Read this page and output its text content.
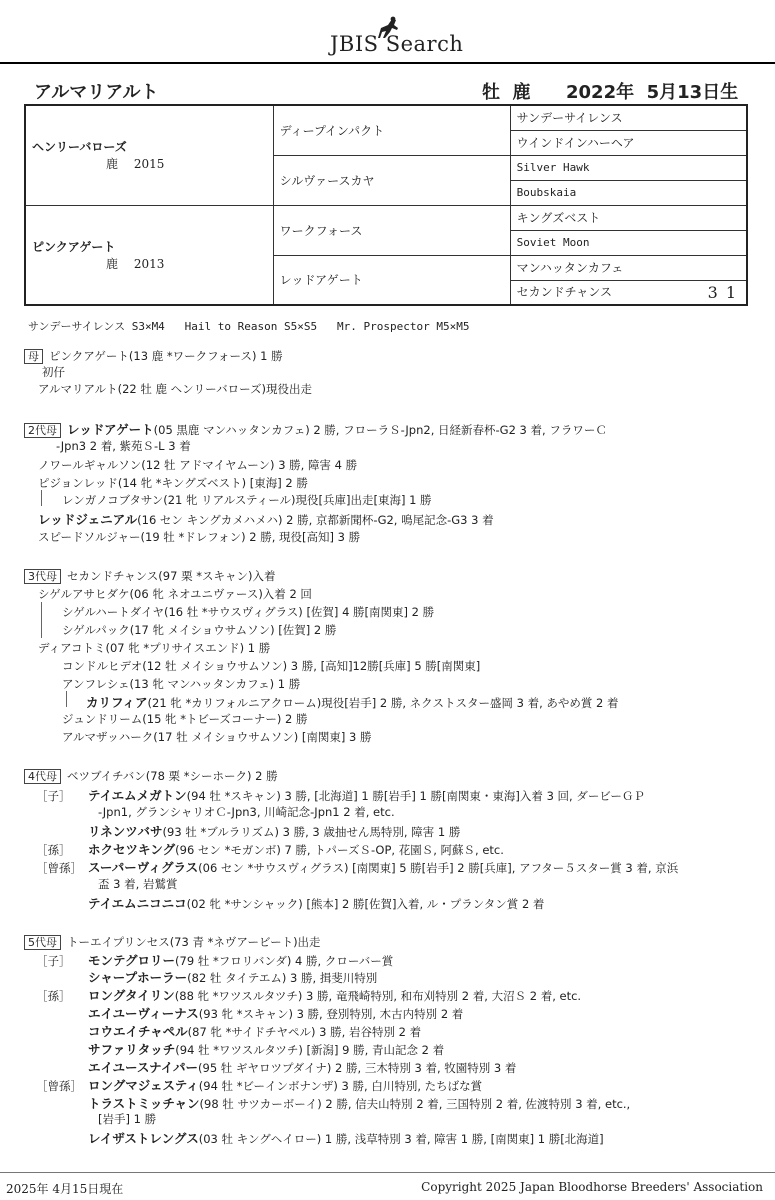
JBIS Search
アルマリアルト	牡  鹿 2022年  5月13日生
ヘンリーバローズ
鹿　 2015	ディープインパクト	サンデーサイレンス
		ウインドインハーヘア
	シルヴァースカヤ	Silver Hawk
		Boubskaia
ピンクアゲート
鹿　 2013	ワークフォース	キングズベスト
		Soviet Moon
	レッドアゲート	マンハッタンカフェ
		セカンドチャンス 31
サンデーサイレンス S3×M4   Hail to Reason S5×S5   Mr. Prospector M5×M5
母 ピンクアゲート(13 鹿 *ワークフォース) 1 勝
初仔
アルマリアルト(22 牡 鹿 ヘンリーバローズ)現役出走
2代母 レッドアゲート(05 黒鹿 マンハッタンカフェ) 2 勝, フローラＳ-Jpn2, 日経新春杯-G2 3 着, フラワーＣ
-Jpn3 2 着, 紫苑Ｓ-L 3 着
ノワールギャルソン(12 牡 アドマイヤムーン) 3 勝, 障害 4 勝
ピジョンレッド(14 牝 *キングズベスト) [東海] 2 勝
レンガノコブタサン(21 牝 リアルスティール)現役[兵庫]出走[東海] 1 勝
レッドジェニアル(16 セン キングカメハメハ) 2 勝, 京都新聞杯-G2, 鳴尾記念-G3 3 着
スピードソルジャー(19 牡 *ドレフォン) 2 勝, 現役[高知] 3 勝
3代母 セカンドチャンス(97 栗 *スキャン)入着
シゲルアサヒダケ(06 牝 ネオユニヴァース)入着 2 回
シゲルハートダイヤ(16 牡 *サウスヴィグラス) [佐賀] 4 勝[南関東] 2 勝
シゲルパック(17 牝 メイショウサムソン) [佐賀] 2 勝
ディアコトミ(07 牝 *プリサイスエンド) 1 勝
コンドルヒデオ(12 牡 メイショウサムソン) 3 勝, [高知]12勝[兵庫] 5 勝[南関東]
アンフレシェ(13 牝 マンハッタンカフェ) 1 勝
カリフィア(21 牝 *カリフォルニアクローム)現役[岩手] 2 勝, ネクストスター盛岡 3 着, あやめ賞 2 着
ジュンドリーム(15 牝 *トビーズコーナー) 2 勝
アルマザッハーク(17 牡 メイショウサムソン) [南関東] 3 勝
4代母 ベツブイチバン(78 栗 *シーホーク) 2 勝
［子］ テイエムメガトン(94 牡 *スキャン) 3 勝, [北海道] 1 勝[岩手] 1 勝[南関東・東海]入着 3 回, ダービーＧＰ
-Jpn1, グランシャリオＣ-Jpn3, 川崎記念-Jpn1 2 着, etc.
リネンツバサ(93 牡 *ブルラリズム) 3 勝, 3 歳抽せん馬特別, 障害 1 勝
［孫］ ホクセツキング(96 セン *モガンボ) 7 勝, トパーズＳ-OP, 花園Ｓ, 阿蘇Ｓ, etc.
［曾孫］ スーパーヴィグラス(06 セン *サウスヴィグラス) [南関東] 5 勝[岩手] 2 勝[兵庫], アフター５スター賞 3 着, 京浜
盃 3 着, 岩鷲賞
テイエムニコニコ(02 牝 *サンシャック) [熊本] 2 勝[佐賀]入着, ル・プランタン賞 2 着
5代母 トーエイプリンセス(73 青 *ネヴアービート)出走
［子］ モンテグロリー(79 牡 *フロリバンダ) 4 勝, クローバー賞
シャープホーラー(82 牡 タイテエム) 3 勝, 揖斐川特別
［孫］ ロングタイリン(88 牝 *ワツスルタツチ) 3 勝, 竜飛崎特別, 和布刈特別 2 着, 大沼Ｓ 2 着, etc.
エイユーヴィーナス(93 牝 *スキャン) 3 勝, 登別特別, 木古内特別 2 着
コウエイチャペル(87 牝 *サイドチヤペル) 3 勝, 岩谷特別 2 着
サファリタッチ(94 牡 *ワツスルタツチ) [新潟] 9 勝, 青山記念 2 着
エイユースナイパー(95 牡 ギヤロツプダイナ) 2 勝, 三木特別 3 着, 牧園特別 3 着
［曾孫］ ロングマジェスティ(94 牡 *ビーインボナンザ) 3 勝, 白川特別, たちばな賞
トラストミッチャン(98 牡 サツカーボーイ) 2 勝, 信夫山特別 2 着, 三国特別 2 着, 佐渡特別 3 着, etc.,
[岩手] 1 勝
レイザストレングス(03 牡 キングヘイロー) 1 勝, 浅草特別 3 着, 障害 1 勝, [南関東] 1 勝[北海道]
2025年 4月15日現在	Copyright 2025 Japan Bloodhorse Breeders' Association
